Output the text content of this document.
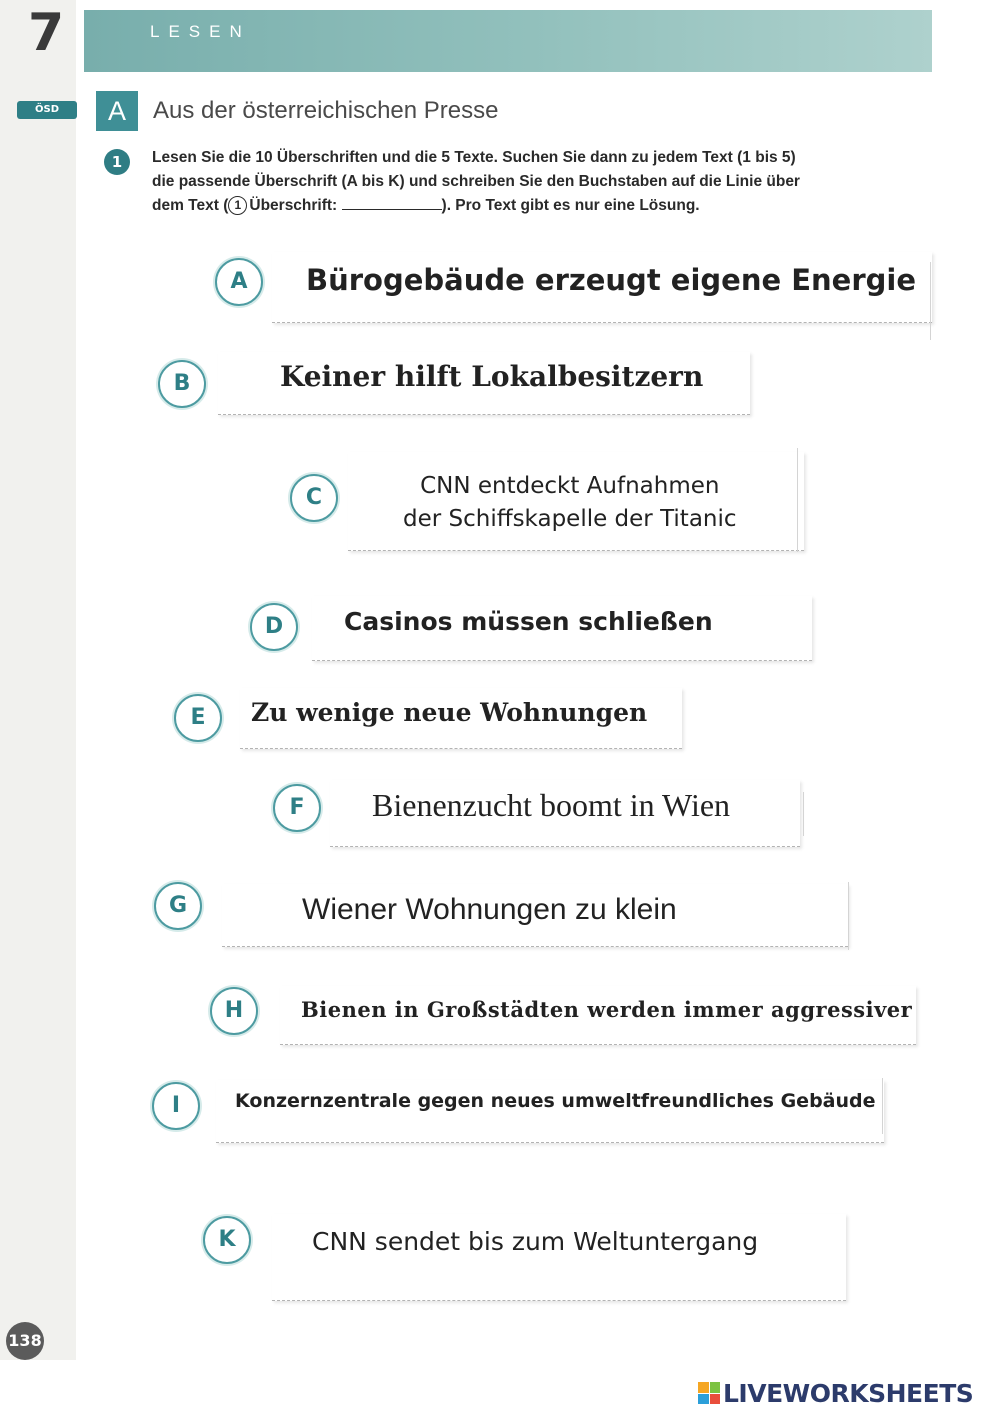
7	LESEN
ÖSD	A	Aus der österreichischen Presse
1	Lesen Sie die 10 Überschriften und die 5 Texte. Suchen Sie dann zu jedem Text (1 bis 5)

die passende Überschrift (A bis K) und schreiben Sie den Buchstaben auf die Linie über

dem Text ( 1 Überschrift:	). Pro Text gibt es nur eine Lösung.

A	Bürogebäude erzeugt eigene Energie
B	Keiner hilft Lokalbesitzern
C	CNN entdeckt Aufnahmen
der Schiffskapelle der Titanic
D	Casinos müssen schließen
E	Zu wenige neue Wohnungen
F	Bienenzucht boomt in Wien
G	Wiener Wohnungen zu klein
H	Bienen in Großstädten werden immer aggressiver
I	Konzernzentrale gegen neues umweltfreundliches Gebäude
K	CNN sendet bis zum Weltuntergang
138
LIVEWORKSHEETS
